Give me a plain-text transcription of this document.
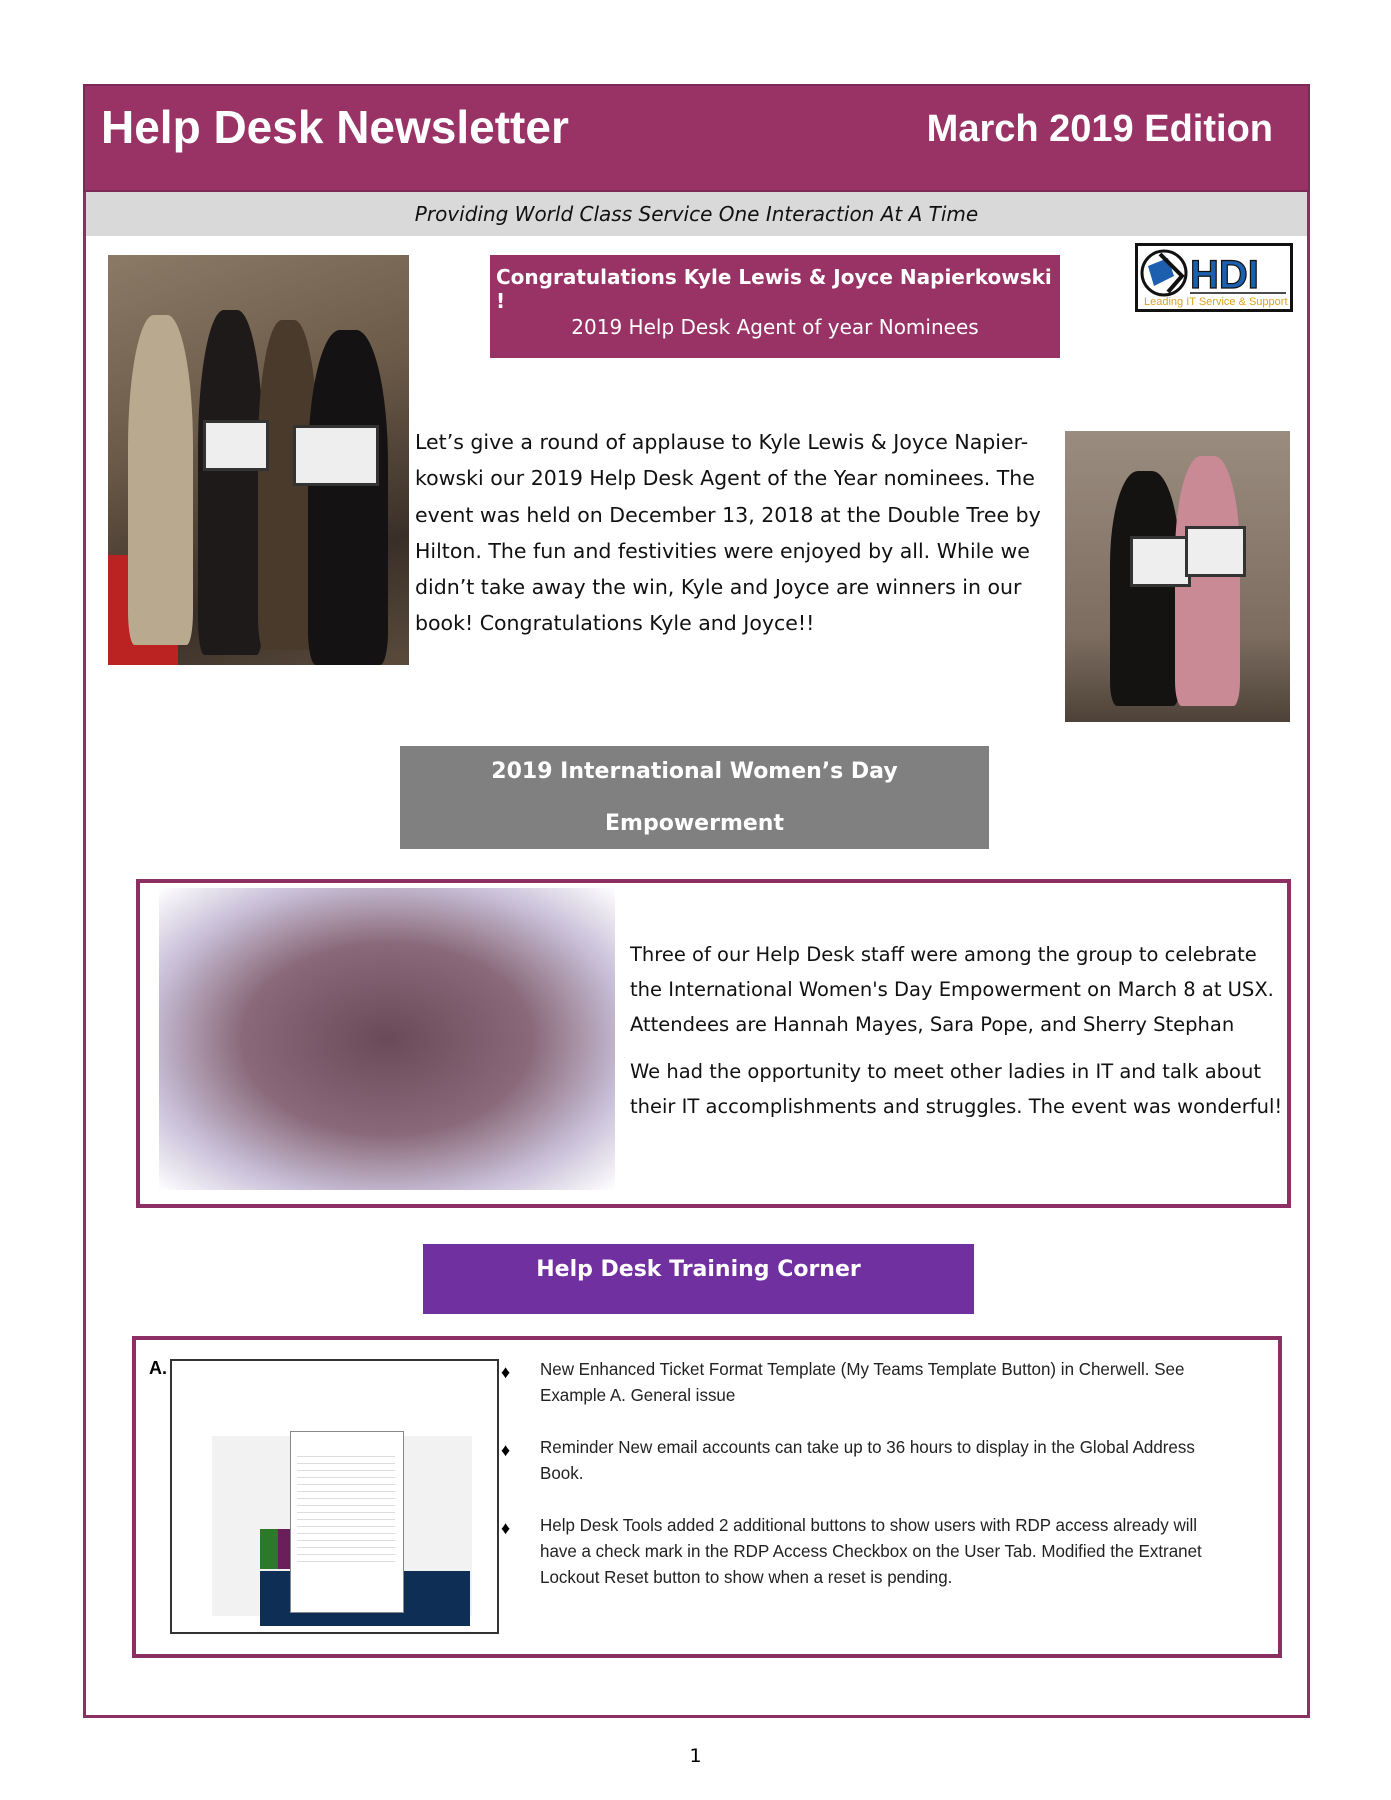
Help Desk Newsletter	March 2019 Edition
Providing World Class Service One Interaction At A Time
Congratulations Kyle Lewis & Joyce Napierkowski !
2019 Help Desk Agent of year Nominees
HDI
Leading IT Service & Support
Let’s give a round of applause to Kyle Lewis & Joyce Napier-
kowski our 2019 Help Desk Agent of the Year nominees. The
event was held on December 13, 2018 at the Double Tree by
Hilton. The fun and festivities were enjoyed by all. While we
didn’t take away the win, Kyle and Joyce are winners in our
book! Congratulations Kyle and Joyce!!
2019 International Women’s Day Empowerment
Celebration
Three of our Help Desk staff were among the group to celebrate
the International Women's Day Empowerment on March 8 at USX.
Attendees are Hannah Mayes, Sara Pope, and Sherry Stephan
We had the opportunity to meet other ladies in IT and talk about
their IT accomplishments and struggles. The event was wonderful!
Help Desk Training Corner
A.	♦ New Enhanced Ticket Format Template (My Teams Template Button) in Cherwell. See
Example A. General issue
♦ Reminder New email accounts can take up to 36 hours to display in the Global Address
Book.
♦ Help Desk Tools added 2 additional buttons to show users with RDP access already will
have a check mark in the RDP Access Checkbox on the User Tab. Modified the Extranet
Lockout Reset button to show when a reset is pending.
1
